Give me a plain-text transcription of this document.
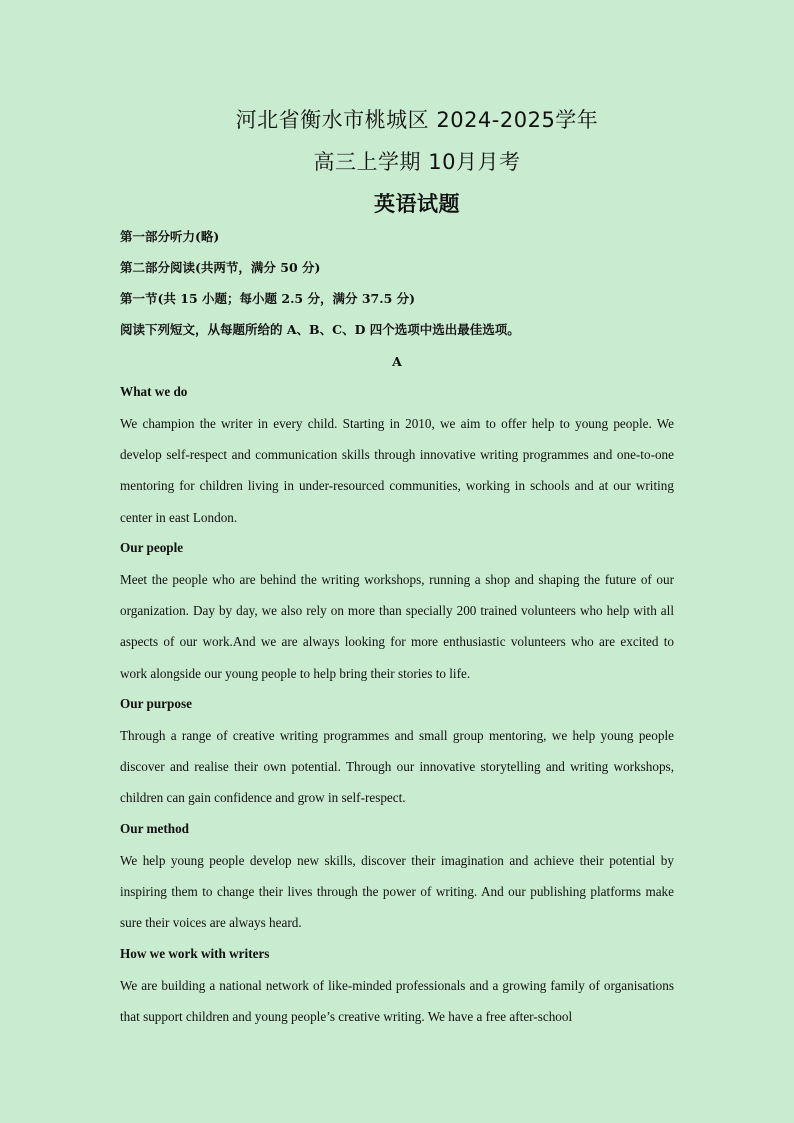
河北省衡水市桃城区 2024-2025学年
高三上学期 10月月考
英语试题
第一部分听力(略)
第二部分阅读(共两节，满分 50 分)
第一节(共 15 小题；每小题 2.5 分，满分 37.5 分)
阅读下列短文，从每题所给的 A、B、C、D 四个选项中选出最佳选项。
A
What we do
We champion the writer in every child. Starting in 2010, we aim to offer help to young people. We develop self-respect and communication skills through innovative writing programmes and one-to-one mentoring for children living in under-resourced communities, working in schools and at our writing center in east London.
Our people
Meet the people who are behind the writing workshops, running a shop and shaping the future of our organization. Day by day, we also rely on more than specially 200 trained volunteers who help with all aspects of our work.And we are always looking for more enthusiastic volunteers who are excited to work alongside our young people to help bring their stories to life.
Our purpose
Through a range of creative writing programmes and small group mentoring, we help young people discover and realise their own potential. Through our innovative storytelling and writing workshops, children can gain confidence and grow in self-respect.
Our method
We help young people develop new skills, discover their imagination and achieve their potential by inspiring them to change their lives through the power of writing. And our publishing platforms make sure their voices are always heard.
How we work with writers
We are building a national network of like-minded professionals and a growing family of organisations that support children and young people’s creative writing. We have a free after-school
